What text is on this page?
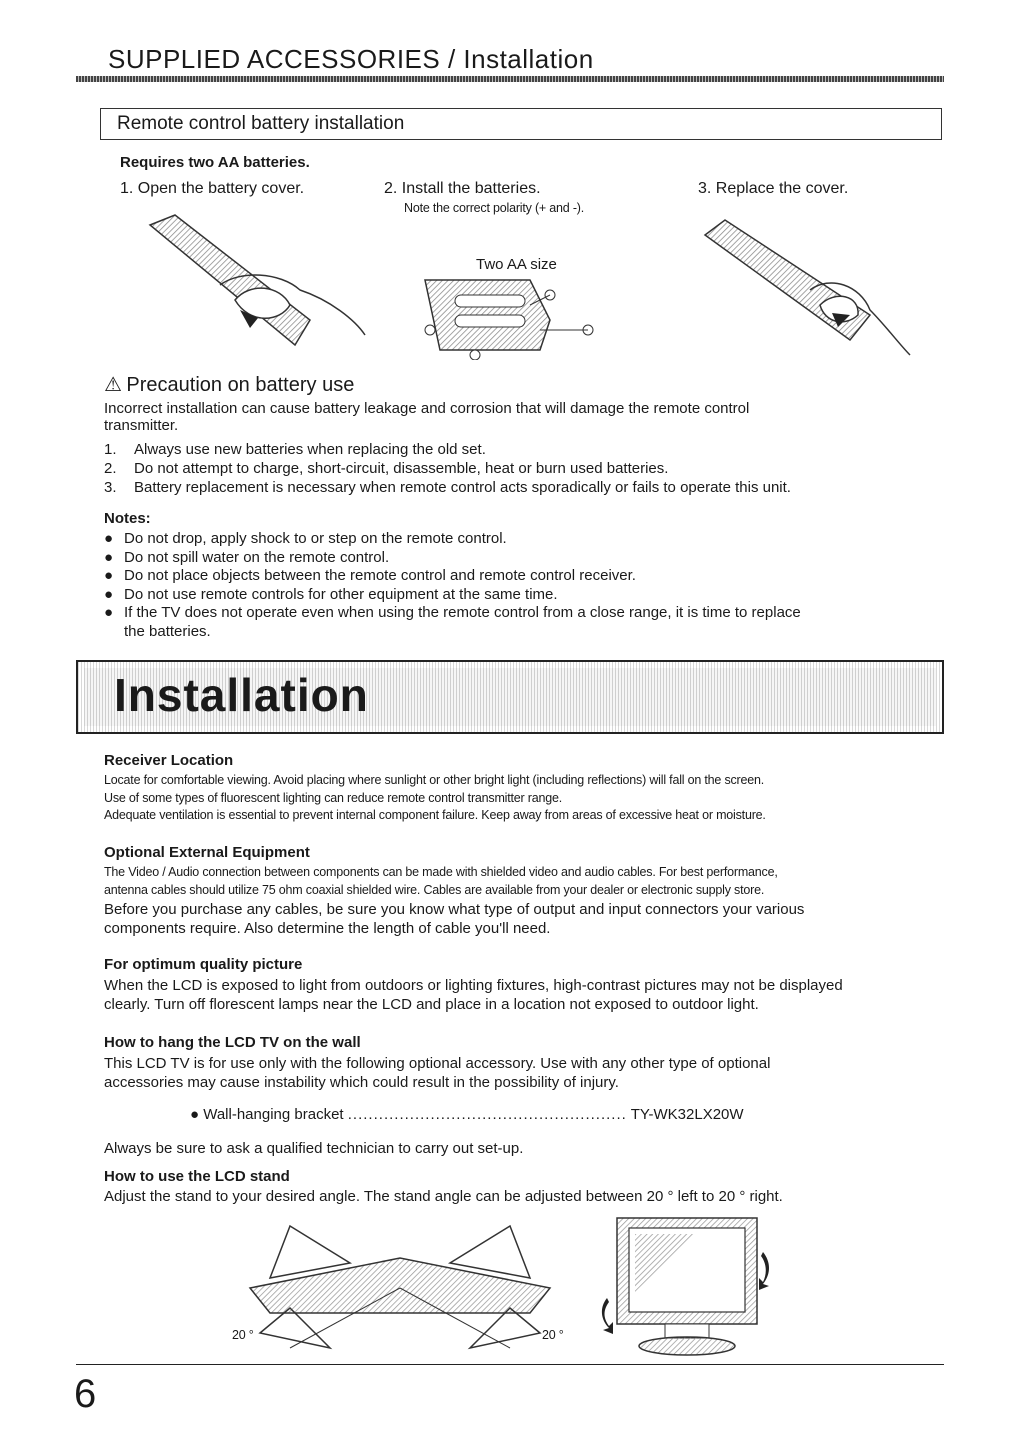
SUPPLIED ACCESSORIES / Installation
Remote control battery installation
Requires two AA batteries.
1. Open the battery cover.	2. Install the batteries.
Note the correct polarity (+ and -).
3. Replace the cover.
Two AA size
⚠ Precaution on battery use
Incorrect installation can cause battery leakage and corrosion that will damage the remote control
transmitter.
1.	Always use new batteries when replacing the old set.
2.	Do not attempt to charge, short-circuit, disassemble, heat or burn used batteries.
3.	Battery replacement is necessary when remote control acts sporadically or fails to operate this unit.
Notes:
● Do not drop, apply shock to or step on the remote control.
● Do not spill water on the remote control.
● Do not place objects between the remote control and remote control receiver.
● Do not use remote controls for other equipment at the same time.
● If the TV does not operate even when using the remote control from a close range, it is time to replace
the batteries.
Installation
Receiver Location
Locate for comfortable viewing. Avoid placing where sunlight or other bright light (including reflections) will fall on the screen.
Use of some types of fluorescent lighting can reduce remote control transmitter range.
Adequate ventilation is essential to prevent internal component failure. Keep away from areas of excessive heat or moisture.
Optional External Equipment
The Video / Audio connection between components can be made with shielded video and audio cables. For best performance,
antenna cables should utilize 75 ohm coaxial shielded wire. Cables are available from your dealer or electronic supply store.
Before you purchase any cables, be sure you know what type of output and input connectors your various
components require. Also determine the length of cable you'll need.
For optimum quality picture
When the LCD is exposed to light from outdoors or lighting fixtures, high-contrast pictures may not be displayed
clearly. Turn off florescent lamps near the LCD and place in a location not exposed to outdoor light.
How to hang the LCD TV on the wall
This LCD TV is for use only with the following optional accessory. Use with any other type of optional
accessories may cause instability which could result in the possibility of injury.
● Wall-hanging bracket ...................................................... TY-WK32LX20W
Always be sure to ask a qualified technician to carry out set-up.
How to use the LCD stand
Adjust the stand to your desired angle. The stand angle can be adjusted between 20 ° left to 20 ° right.
20 °	20 °
6
